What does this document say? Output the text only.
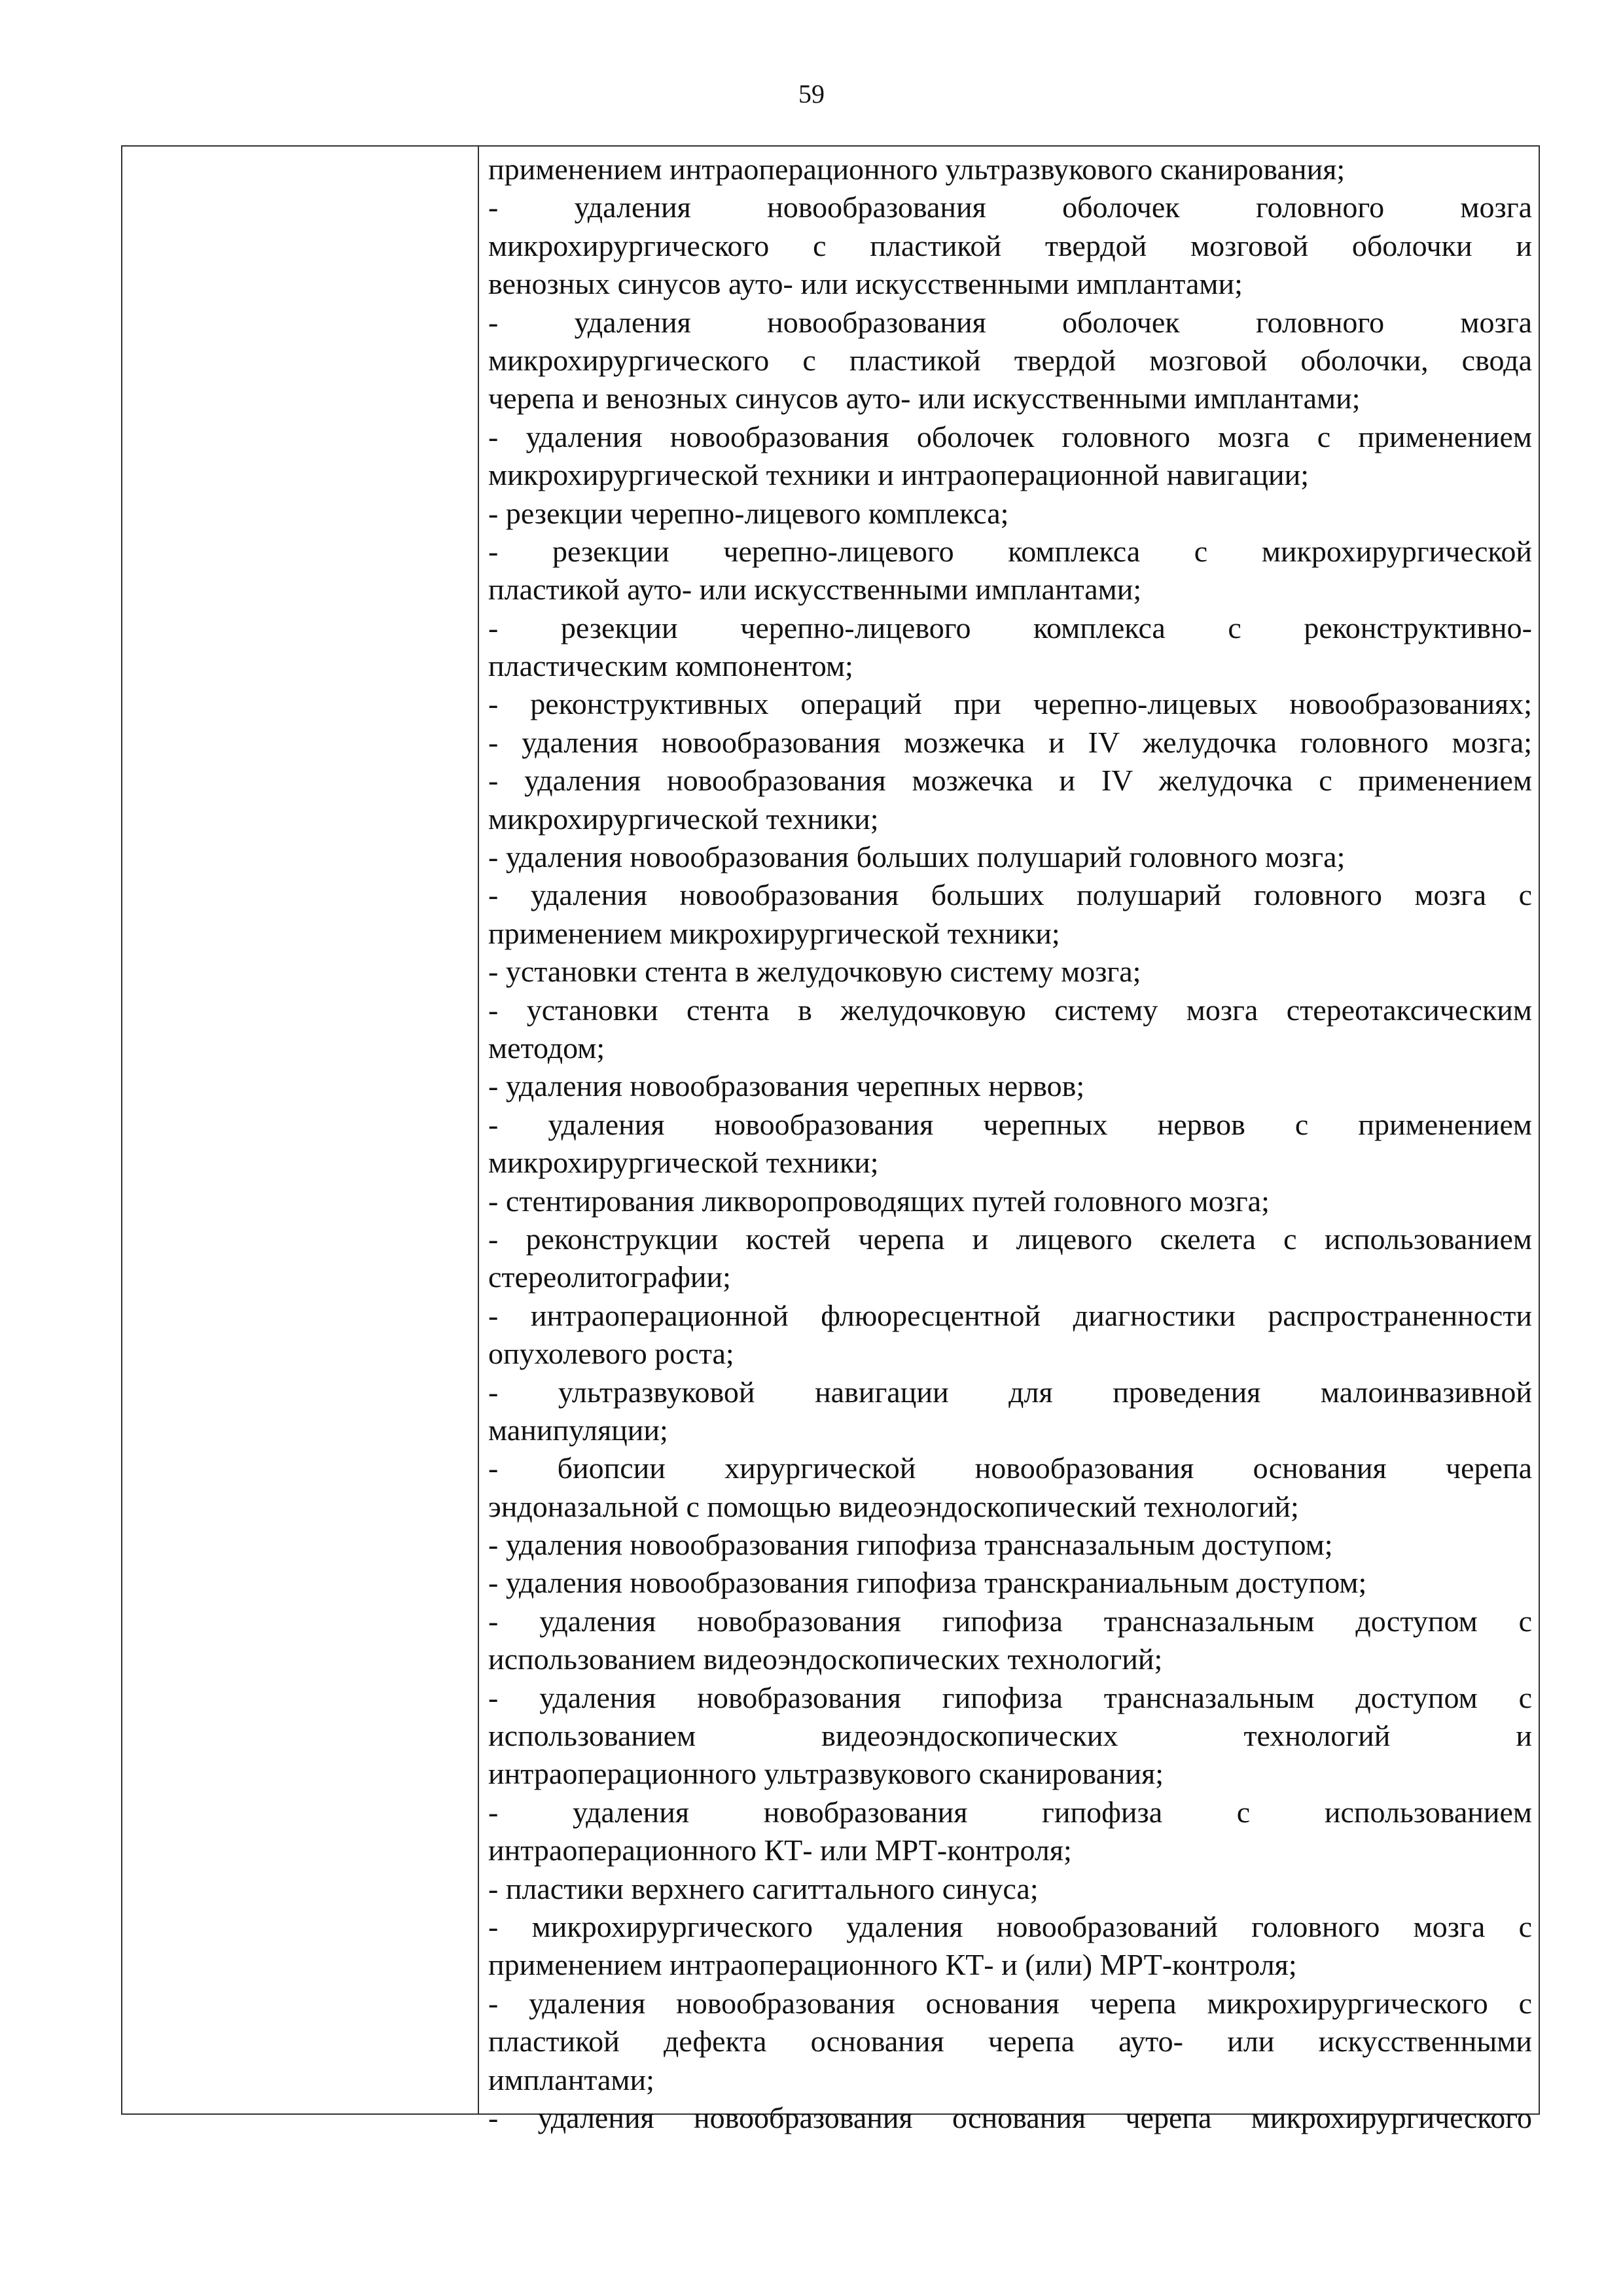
59
применением интраоперационного ультразвукового сканирования;
- удаления новообразования оболочек головного мозга
микрохирургического с пластикой твердой мозговой оболочки и
венозных синусов ауто- или искусственными имплантами;
- удаления новообразования оболочек головного мозга
микрохирургического с пластикой твердой мозговой оболочки, свода
черепа и венозных синусов ауто- или искусственными имплантами;
- удаления новообразования оболочек головного мозга с применением
микрохирургической техники и интраоперационной навигации;
- резекции черепно-лицевого комплекса;
- резекции черепно-лицевого комплекса с микрохирургической
пластикой ауто- или искусственными имплантами;
- резекции черепно-лицевого комплекса с реконструктивно-
пластическим компонентом;
- реконструктивных операций при черепно-лицевых новообразованиях;
- удаления новообразования мозжечка и IV желудочка головного мозга;
- удаления новообразования мозжечка и IV желудочка с применением
микрохирургической техники;
- удаления новообразования больших полушарий головного мозга;
- удаления новообразования больших полушарий головного мозга с
применением микрохирургической техники;
- установки стента в желудочковую систему мозга;
- установки стента в желудочковую систему мозга стереотаксическим
методом;
- удаления новообразования черепных нервов;
- удаления новообразования черепных нервов с применением
микрохирургической техники;
- стентирования ликворопроводящих путей головного мозга;
- реконструкции костей черепа и лицевого скелета с использованием
стереолитографии;
- интраоперационной флюоресцентной диагностики распространенности
опухолевого роста;
- ультразвуковой навигации для проведения малоинвазивной
манипуляции;
- биопсии хирургической новообразования основания черепа
эндоназальной с помощью видеоэндоскопический технологий;
- удаления новообразования гипофиза трансназальным доступом;
- удаления новообразования гипофиза транскраниальным доступом;
- удаления новобразования гипофиза трансназальным доступом с
использованием видеоэндоскопических технологий;
- удаления новобразования гипофиза трансназальным доступом с
использованием видеоэндоскопических технологий и
интраоперационного ультразвукового сканирования;
- удаления новобразования гипофиза с использованием
интраоперационного КТ- или МРТ-контроля;
- пластики верхнего сагиттального синуса;
- микрохирургического удаления новообразований головного мозга с
применением интраоперационного КТ- и (или) МРТ-контроля;
- удаления новообразования основания черепа микрохирургического с
пластикой дефекта основания черепа ауто- или искусственными
имплантами;
- удаления новообразования основания черепа микрохирургического
